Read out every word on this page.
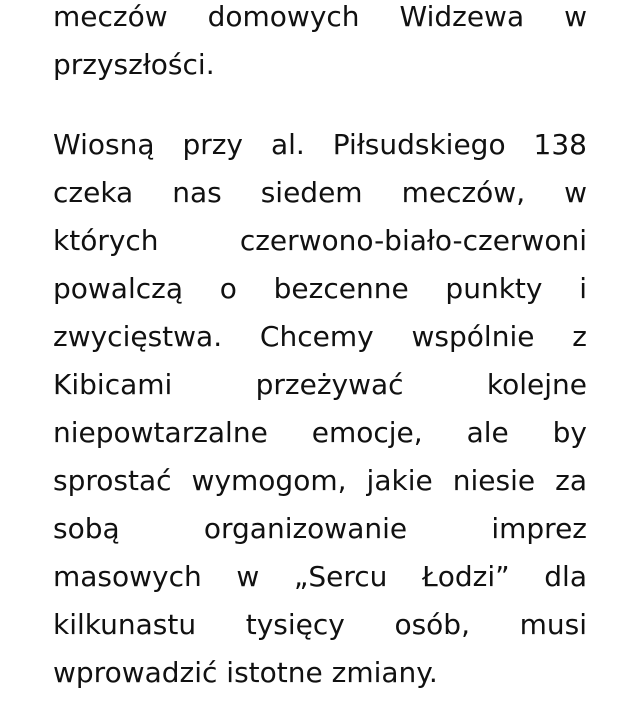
meczów domowych Widzewa w
przyszłości.
Wiosną przy al. Piłsudskiego 138
czeka nas siedem meczów, w
których czerwono-biało-czerwoni
powalczą o bezcenne punkty i
zwycięstwa. Chcemy wspólnie z
Kibicami przeżywać kolejne
niepowtarzalne emocje, ale by
sprostać wymogom, jakie niesie za
sobą organizowanie imprez
masowych w „Sercu Łodzi” dla
kilkunastu tysięcy osób, musi
wprowadzić istotne zmiany.
